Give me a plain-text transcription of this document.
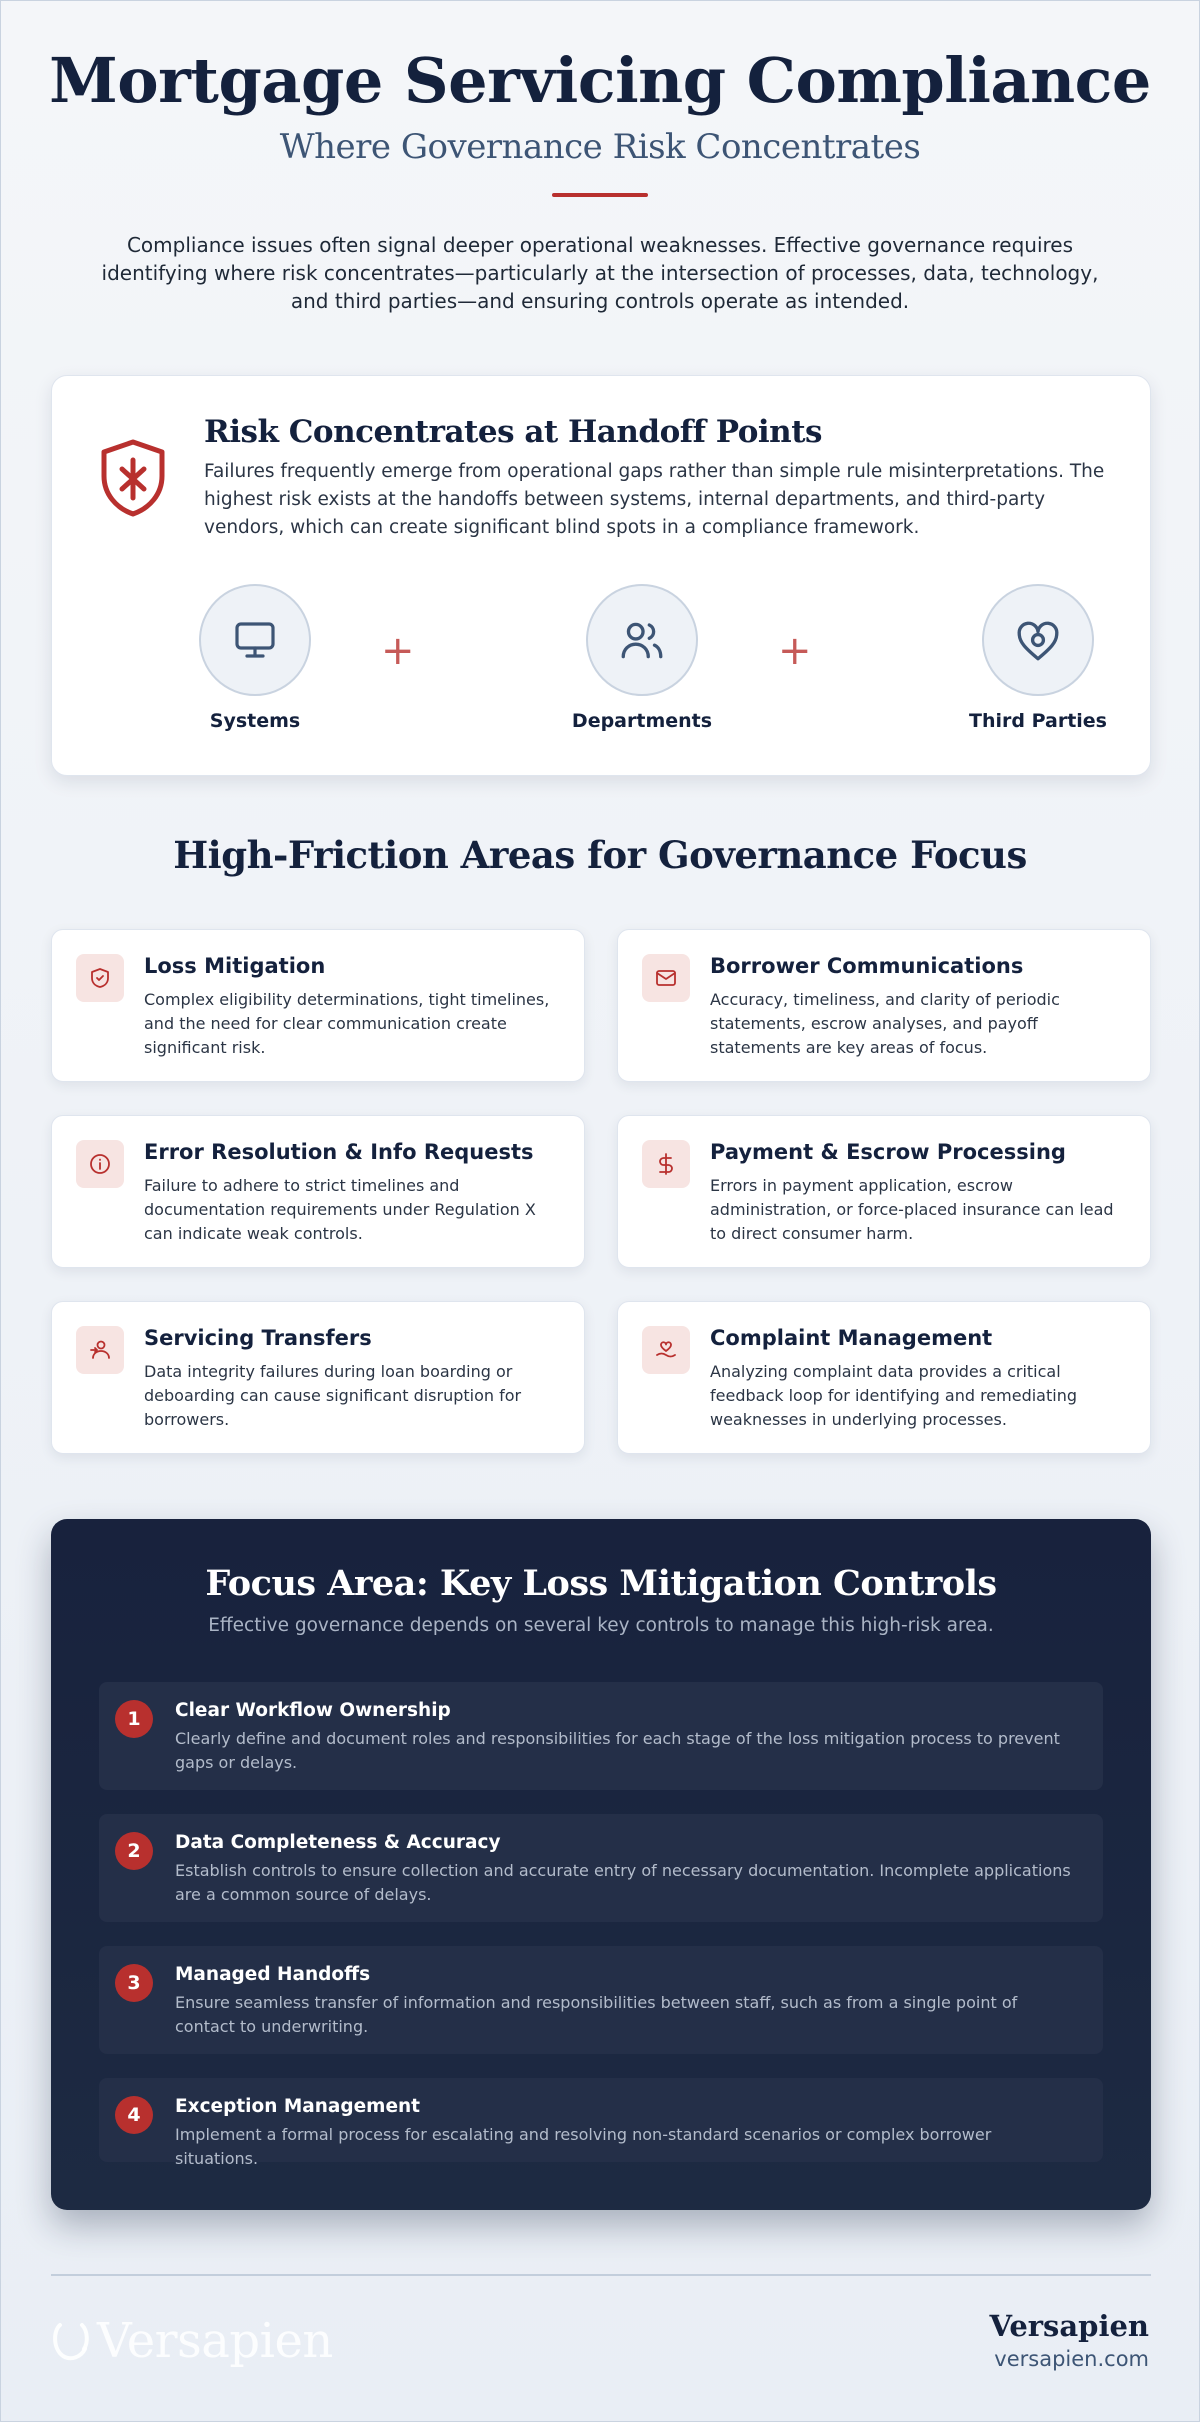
Mortgage Servicing Compliance
Where Governance Risk Concentrates

Compliance issues often signal deeper operational weaknesses. Effective governance requires identifying where risk concentrates—particularly at the intersection of processes, data, technology, and third parties—and ensuring controls operate as intended.

Risk Concentrates at Handoff Points

Failures frequently emerge from operational gaps rather than simple rule misinterpretations. The highest risk exists at the handoffs between systems, internal departments, and third-party vendors, which can create significant blind spots in a compliance framework.

Systems
+
Departments
+
Third Parties
High-Friction Areas for Governance Focus
Loss Mitigation

Complex eligibility determinations, tight timelines, and the need for clear communication create significant risk.

Borrower Communications

Accuracy, timeliness, and clarity of periodic statements, escrow analyses, and payoff statements are key areas of focus.

Error Resolution & Info Requests

Failure to adhere to strict timelines and documentation requirements under Regulation X can indicate weak controls.

Payment & Escrow Processing

Errors in payment application, escrow administration, or force-placed insurance can lead to direct consumer harm.

Servicing Transfers

Data integrity failures during loan boarding or deboarding can cause significant disruption for borrowers.

Complaint Management

Analyzing complaint data provides a critical feedback loop for identifying and remediating weaknesses in underlying processes.

Focus Area: Key Loss Mitigation Controls
Effective governance depends on several key controls to manage this high-risk area.
1	Clear Workflow Ownership

Clearly define and document roles and responsibilities for each stage of the loss mitigation process to prevent gaps or delays.

2	Data Completeness & Accuracy

Establish controls to ensure collection and accurate entry of necessary documentation. Incomplete applications are a common source of delays.

3	Managed Handoffs

Ensure seamless transfer of information and responsibilities between staff, such as from a single point of contact to underwriting.

4	Exception Management

Implement a formal process for escalating and resolving non-standard scenarios or complex borrower situations.

Versapien	Versapien
versapien.com
